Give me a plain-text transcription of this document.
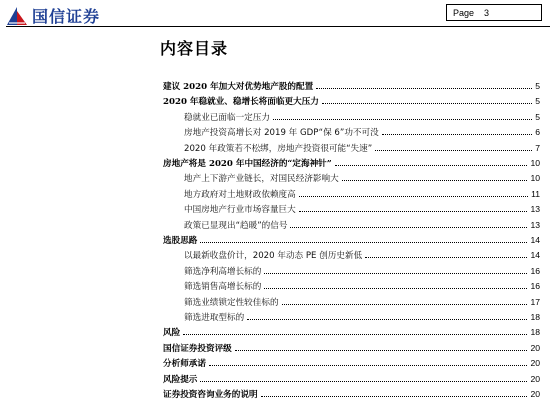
国信证券	Page 3
内容目录
建议 2020 年加大对优势地产股的配置	5
2020 年稳就业、稳增长将面临更大压力	5
稳就业已面临一定压力	5
房地产投资高增长对 2019 年 GDP“保 6”功不可没	6
2020 年政策若不松绑，房地产投资很可能“失速”	7
房地产将是 2020 年中国经济的“定海神针”	10
地产上下游产业链长，对国民经济影响大	10
地方政府对土地财政依赖度高	11
中国房地产行业市场容量巨大	13
政策已显现出“趋暖”的信号	13
选股思路	14
以最新收盘价计，2020 年动态 PE 创历史新低	14
筛选净利高增长标的	16
筛选销售高增长标的	16
筛选业绩锁定性较佳标的	17
筛选进取型标的	18
风险	18
国信证券投资评级	20
分析师承诺	20
风险提示	20
证券投资咨询业务的说明	20
